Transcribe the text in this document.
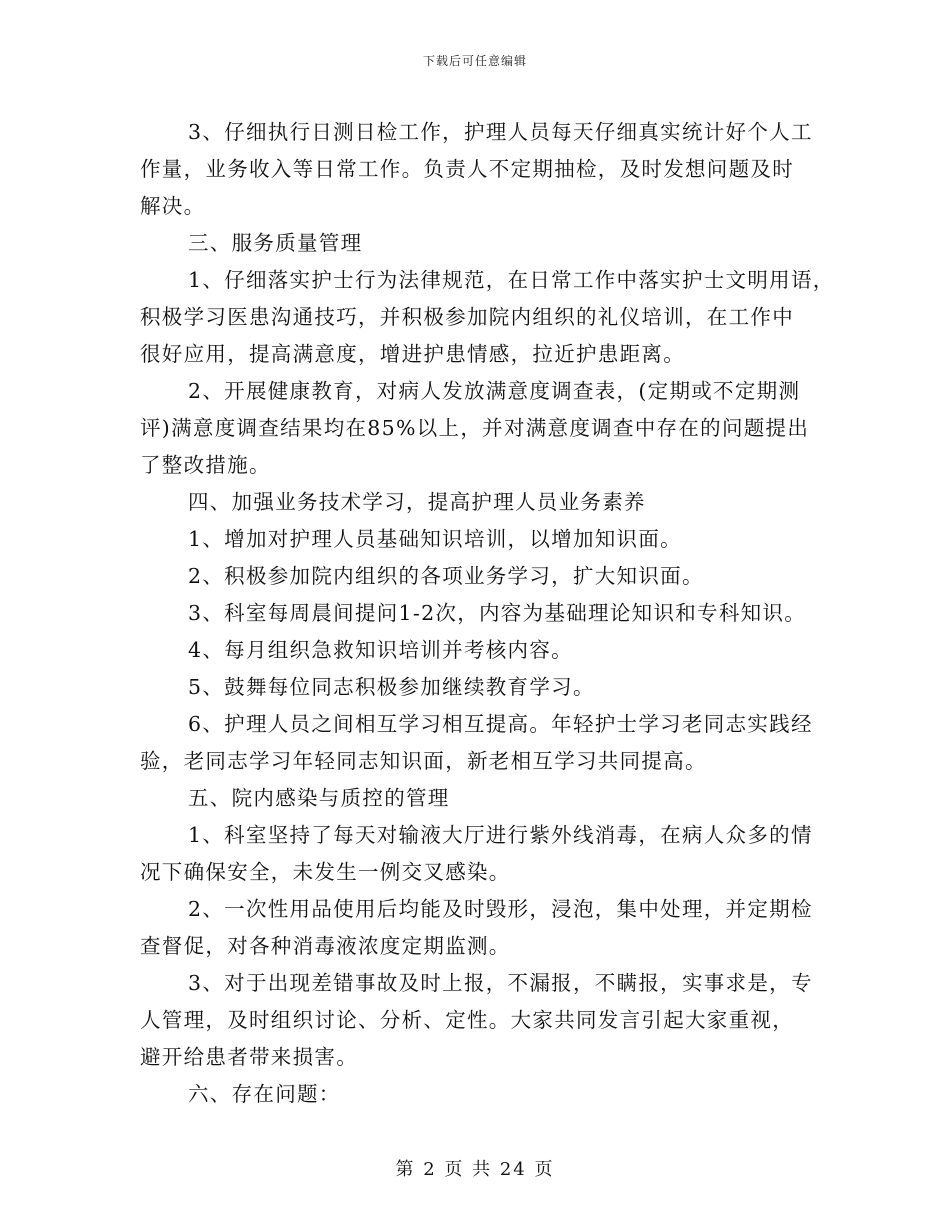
下载后可任意编辑
3、仔细执行日测日检工作，护理人员每天仔细真实统计好个人工
作量，业务收入等日常工作。负责人不定期抽检，及时发想问题及时
解决。
三、服务质量管理
1、仔细落实护士行为法律规范，在日常工作中落实护士文明用语，
积极学习医患沟通技巧，并积极参加院内组织的礼仪培训，在工作中
很好应用，提高满意度，增进护患情感，拉近护患距离。
2、开展健康教育，对病人发放满意度调查表，(定期或不定期测
评)满意度调查结果均在85%以上，并对满意度调查中存在的问题提出
了整改措施。
四、加强业务技术学习，提高护理人员业务素养
1、增加对护理人员基础知识培训，以增加知识面。
2、积极参加院内组织的各项业务学习，扩大知识面。
3、科室每周晨间提问1-2次，内容为基础理论知识和专科知识。
4、每月组织急救知识培训并考核内容。
5、鼓舞每位同志积极参加继续教育学习。
6、护理人员之间相互学习相互提高。年轻护士学习老同志实践经
验，老同志学习年轻同志知识面，新老相互学习共同提高。
五、院内感染与质控的管理
1、科室坚持了每天对输液大厅进行紫外线消毒，在病人众多的情
况下确保安全，未发生一例交叉感染。
2、一次性用品使用后均能及时毁形，浸泡，集中处理，并定期检
查督促，对各种消毒液浓度定期监测。
3、对于出现差错事故及时上报，不漏报，不瞒报，实事求是，专
人管理，及时组织讨论、分析、定性。大家共同发言引起大家重视，
避开给患者带来损害。
六、存在问题：
第 2 页 共 24 页
